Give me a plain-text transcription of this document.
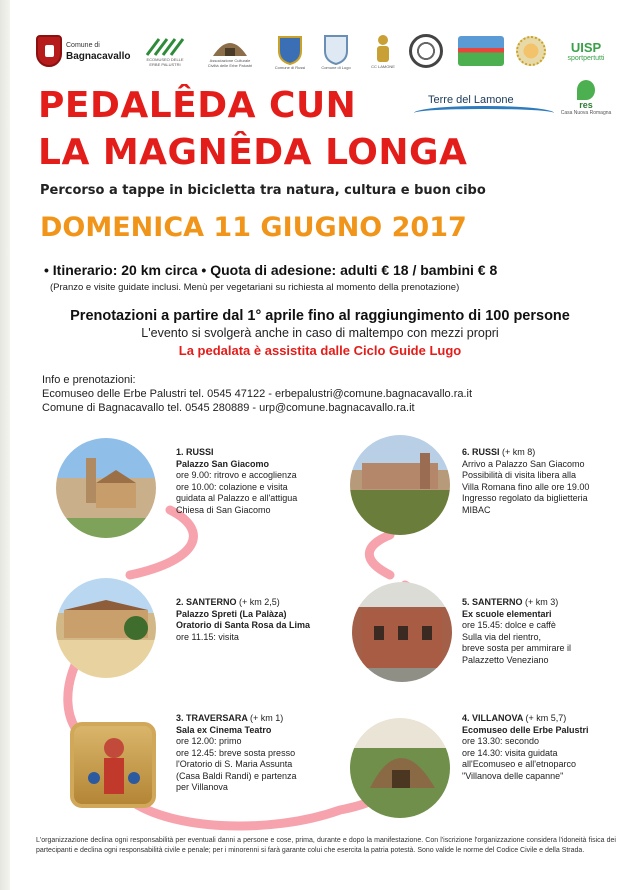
Comune di
Bagnacavallo	ECOMUSEO DELLE ERBE PALUSTRI
Associazione Culturale Civiltà delle Erbe Palustri	Comune di Russi	Comune di Lugo	CC LAMONE
UISP
sportpertutti
PEDALÊDA CUN
LA MAGNÊDA LONGA
Terre del Lamone	res
Casa Nuova Romagna
Percorso a tappe in bicicletta tra natura, cultura e buon cibo
DOMENICA 11 GIUGNO 2017
• Itinerario: 20 km circa • Quota di adesione: adulti € 18 / bambini € 8
(Pranzo e visite guidate inclusi. Menù per vegetariani su richiesta al momento della prenotazione)
Prenotazioni a partire dal 1° aprile fino al raggiungimento di 100 persone
L'evento si svolgerà anche in caso di maltempo con mezzi propri
La pedalata è assistita dalle Ciclo Guide Lugo
Info e prenotazioni:
Ecomuseo delle Erbe Palustri tel. 0545 47122 - erbepalustri@comune.bagnacavallo.ra.it
Comune di Bagnacavallo tel. 0545 280889 - urp@comune.bagnacavallo.ra.it
1. RUSSI
Palazzo San Giacomo
ore 9.00: ritrovo e accoglienza
ore 10.00: colazione e visita
guidata al Palazzo e all'attigua
Chiesa di San Giacomo
2. SANTERNO (+ km 2,5)
Palazzo Spreti (La Palàza)
Oratorio di Santa Rosa da Lima
ore 11.15: visita
3. TRAVERSARA (+ km 1)
Sala ex Cinema Teatro
ore 12.00: primo
ore 12.45: breve sosta presso
l'Oratorio di S. Maria Assunta
(Casa Baldi Randi) e partenza
per Villanova
4. VILLANOVA (+ km 5,7)
Ecomuseo delle Erbe Palustri
ore 13.30: secondo
ore 14.30: visita guidata
all'Ecomuseo e all'etnoparco
"Villanova delle capanne"
5. SANTERNO (+ km 3)
Ex scuole elementari
ore 15.45: dolce e caffè
Sulla via del rientro,
breve sosta per ammirare il
Palazzetto Veneziano
6. RUSSI (+ km 8)
Arrivo a Palazzo San Giacomo
Possibilità di visita libera alla
Villa Romana fino alle ore 19.00
Ingresso regolato da biglietteria
MIBAC
L'organizzazione declina ogni responsabilità per eventuali danni a persone e cose, prima, durante e dopo la manifestazione. Con l'iscrizione l'organizzazione considera l'idoneità fisica dei partecipanti e declina ogni responsabilità civile e penale; per i minorenni si farà garante colui che esercita la patria potestà. Sono valide le norme del Codice Civile e della Strada.
